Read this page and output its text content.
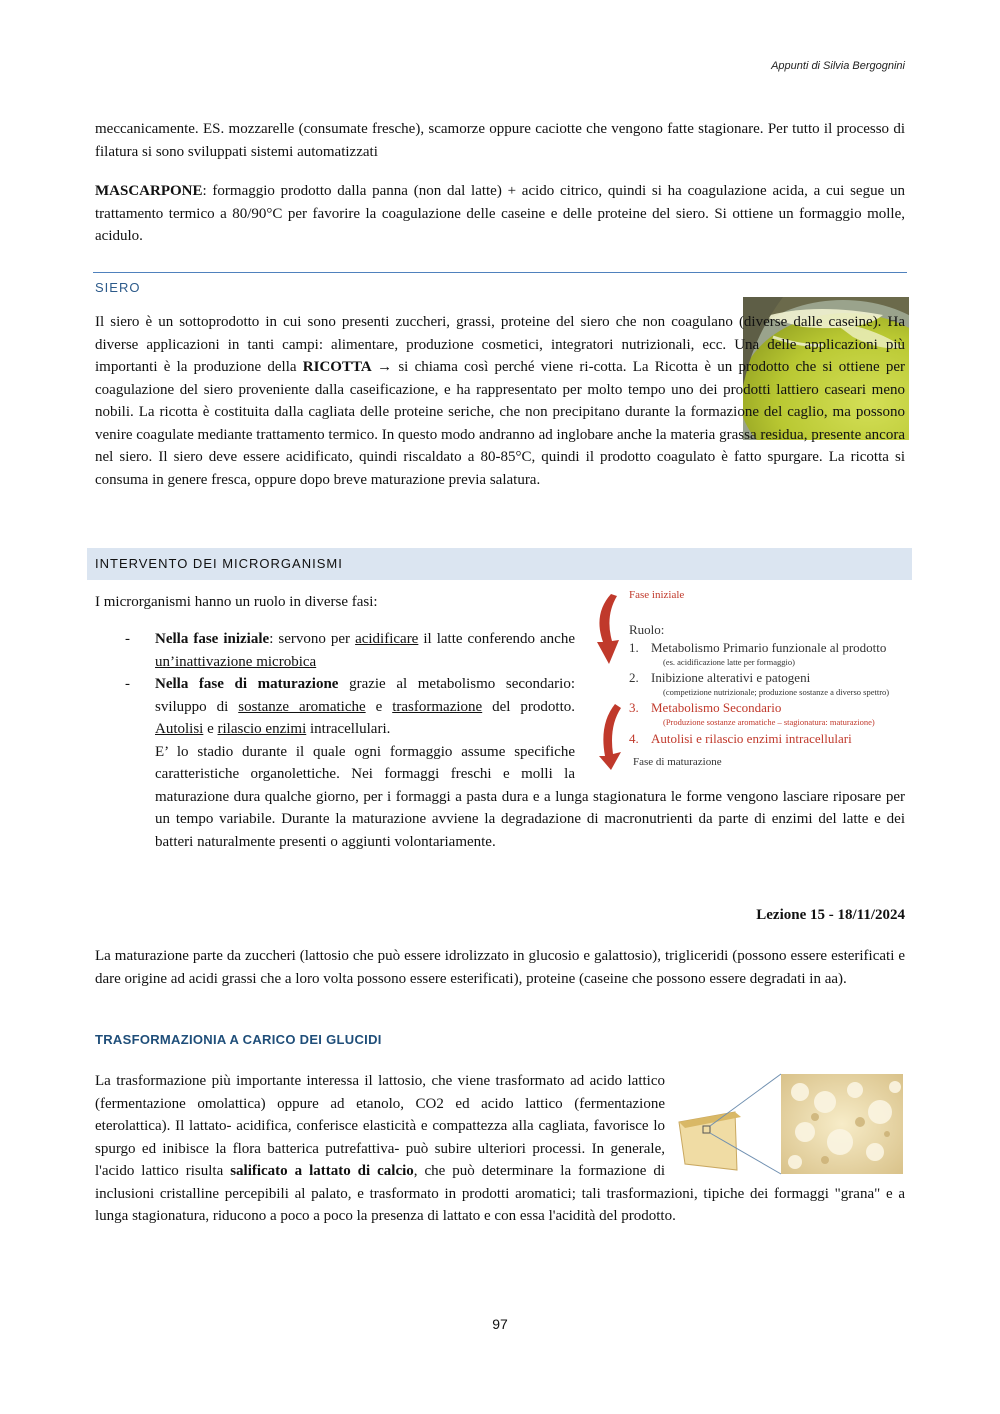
Appunti di Silvia Bergognini

meccanicamente. ES. mozzarelle (consumate fresche), scamorze oppure caciotte che vengono fatte stagionare. Per tutto il processo di filatura si sono sviluppati sistemi automatizzati

MASCARPONE: formaggio prodotto dalla panna (non dal latte) + acido citrico, quindi si ha coagulazione acida, a cui segue un trattamento termico a 80/90°C per favorire la coagulazione delle caseine e delle proteine del siero. Si ottiene un formaggio molle, acidulo.

SIERO

Il siero è un sottoprodotto in cui sono presenti zuccheri, grassi, proteine del siero che non coagulano (diverse dalle caseine). Ha diverse applicazioni in tanti campi: alimentare, produzione cosmetici, integratori nutrizionali, ecc. Una delle applicazioni più importanti è la produzione della RICOTTA → si chiama così perché viene ri-cotta. La Ricotta è un prodotto che si ottiene per coagulazione del siero proveniente dalla caseificazione, e ha rappresentato per molto tempo uno dei prodotti lattiero caseari meno nobili. La ricotta è costituita dalla cagliata delle proteine seriche, che non precipitano durante la formazione del caglio, ma possono venire coagulate mediante trattamento termico. In questo modo andranno ad inglobare anche la materia grassa residua, presente ancora nel siero. Il siero deve essere acidificato, quindi riscaldato a 80-85°C, quindi il prodotto coagulato è fatto spurgare. La ricotta si consuma in genere fresca, oppure dopo breve maturazione previa salatura.

INTERVENTO DEI MICRORGANISMI

I microrganismi hanno un ruolo in diverse fasi:	Fase iniziale
Ruolo:
1. Metabolismo Primario funzionale al prodotto
(es. acidificazione latte per formaggio)
2. Inibizione alterativi e patogeni
(competizione nutrizionale; produzione sostanze a diverso spettro)
3. Metabolismo Secondario
(Produzione sostanze aromatiche – stagionatura: maturazione)
4. Autolisi e rilascio enzimi intracellulari
Fase di maturazione
- Nella fase iniziale: servono per acidificare il latte conferendo anche un’inattivazione microbica
- Nella fase di maturazione grazie al metabolismo secondario: sviluppo di sostanze aromatiche e trasformazione del prodotto. Autolisi e rilascio enzimi intracellulari.
E’ lo stadio durante il quale ogni formaggio assume specifiche caratteristiche organolettiche. Nei formaggi freschi e molli la maturazione dura qualche giorno, per i formaggi a pasta dura e a lunga stagionatura le forme vengono lasciare riposare per un tempo variabile. Durante la maturazione avviene la degradazione di macronutrienti da parte di enzimi del latte e dei batteri naturalmente presenti o aggiunti volontariamente.
Lezione 15 - 18/11/2024

La maturazione parte da zuccheri (lattosio che può essere idrolizzato in glucosio e galattosio), trigliceridi (possono essere esterificati e dare origine ad acidi grassi che a loro volta possono essere esterificati), proteine (caseine che possono essere degradati in aa).

TRASFORMAZIONIA A CARICO DEI GLUCIDI

La trasformazione più importante interessa il lattosio, che viene trasformato ad acido lattico (fermentazione omolattica) oppure ad etanolo, CO2 ed acido lattico (fermentazione eterolattica). Il lattato- acidifica, conferisce elasticità e compattezza alla cagliata, favorisce lo spurgo ed inibisce la flora batterica putrefattiva- può subire ulteriori processi. In generale, l'acido lattico risulta salificato a lattato di calcio, che può determinare la formazione di inclusioni cristalline percepibili al palato, e trasformato in prodotti aromatici; tali trasformazioni, tipiche dei formaggi "grana" e a lunga stagionatura, riducono a poco a poco la presenza di lattato e con essa l'acidità del prodotto.

97
